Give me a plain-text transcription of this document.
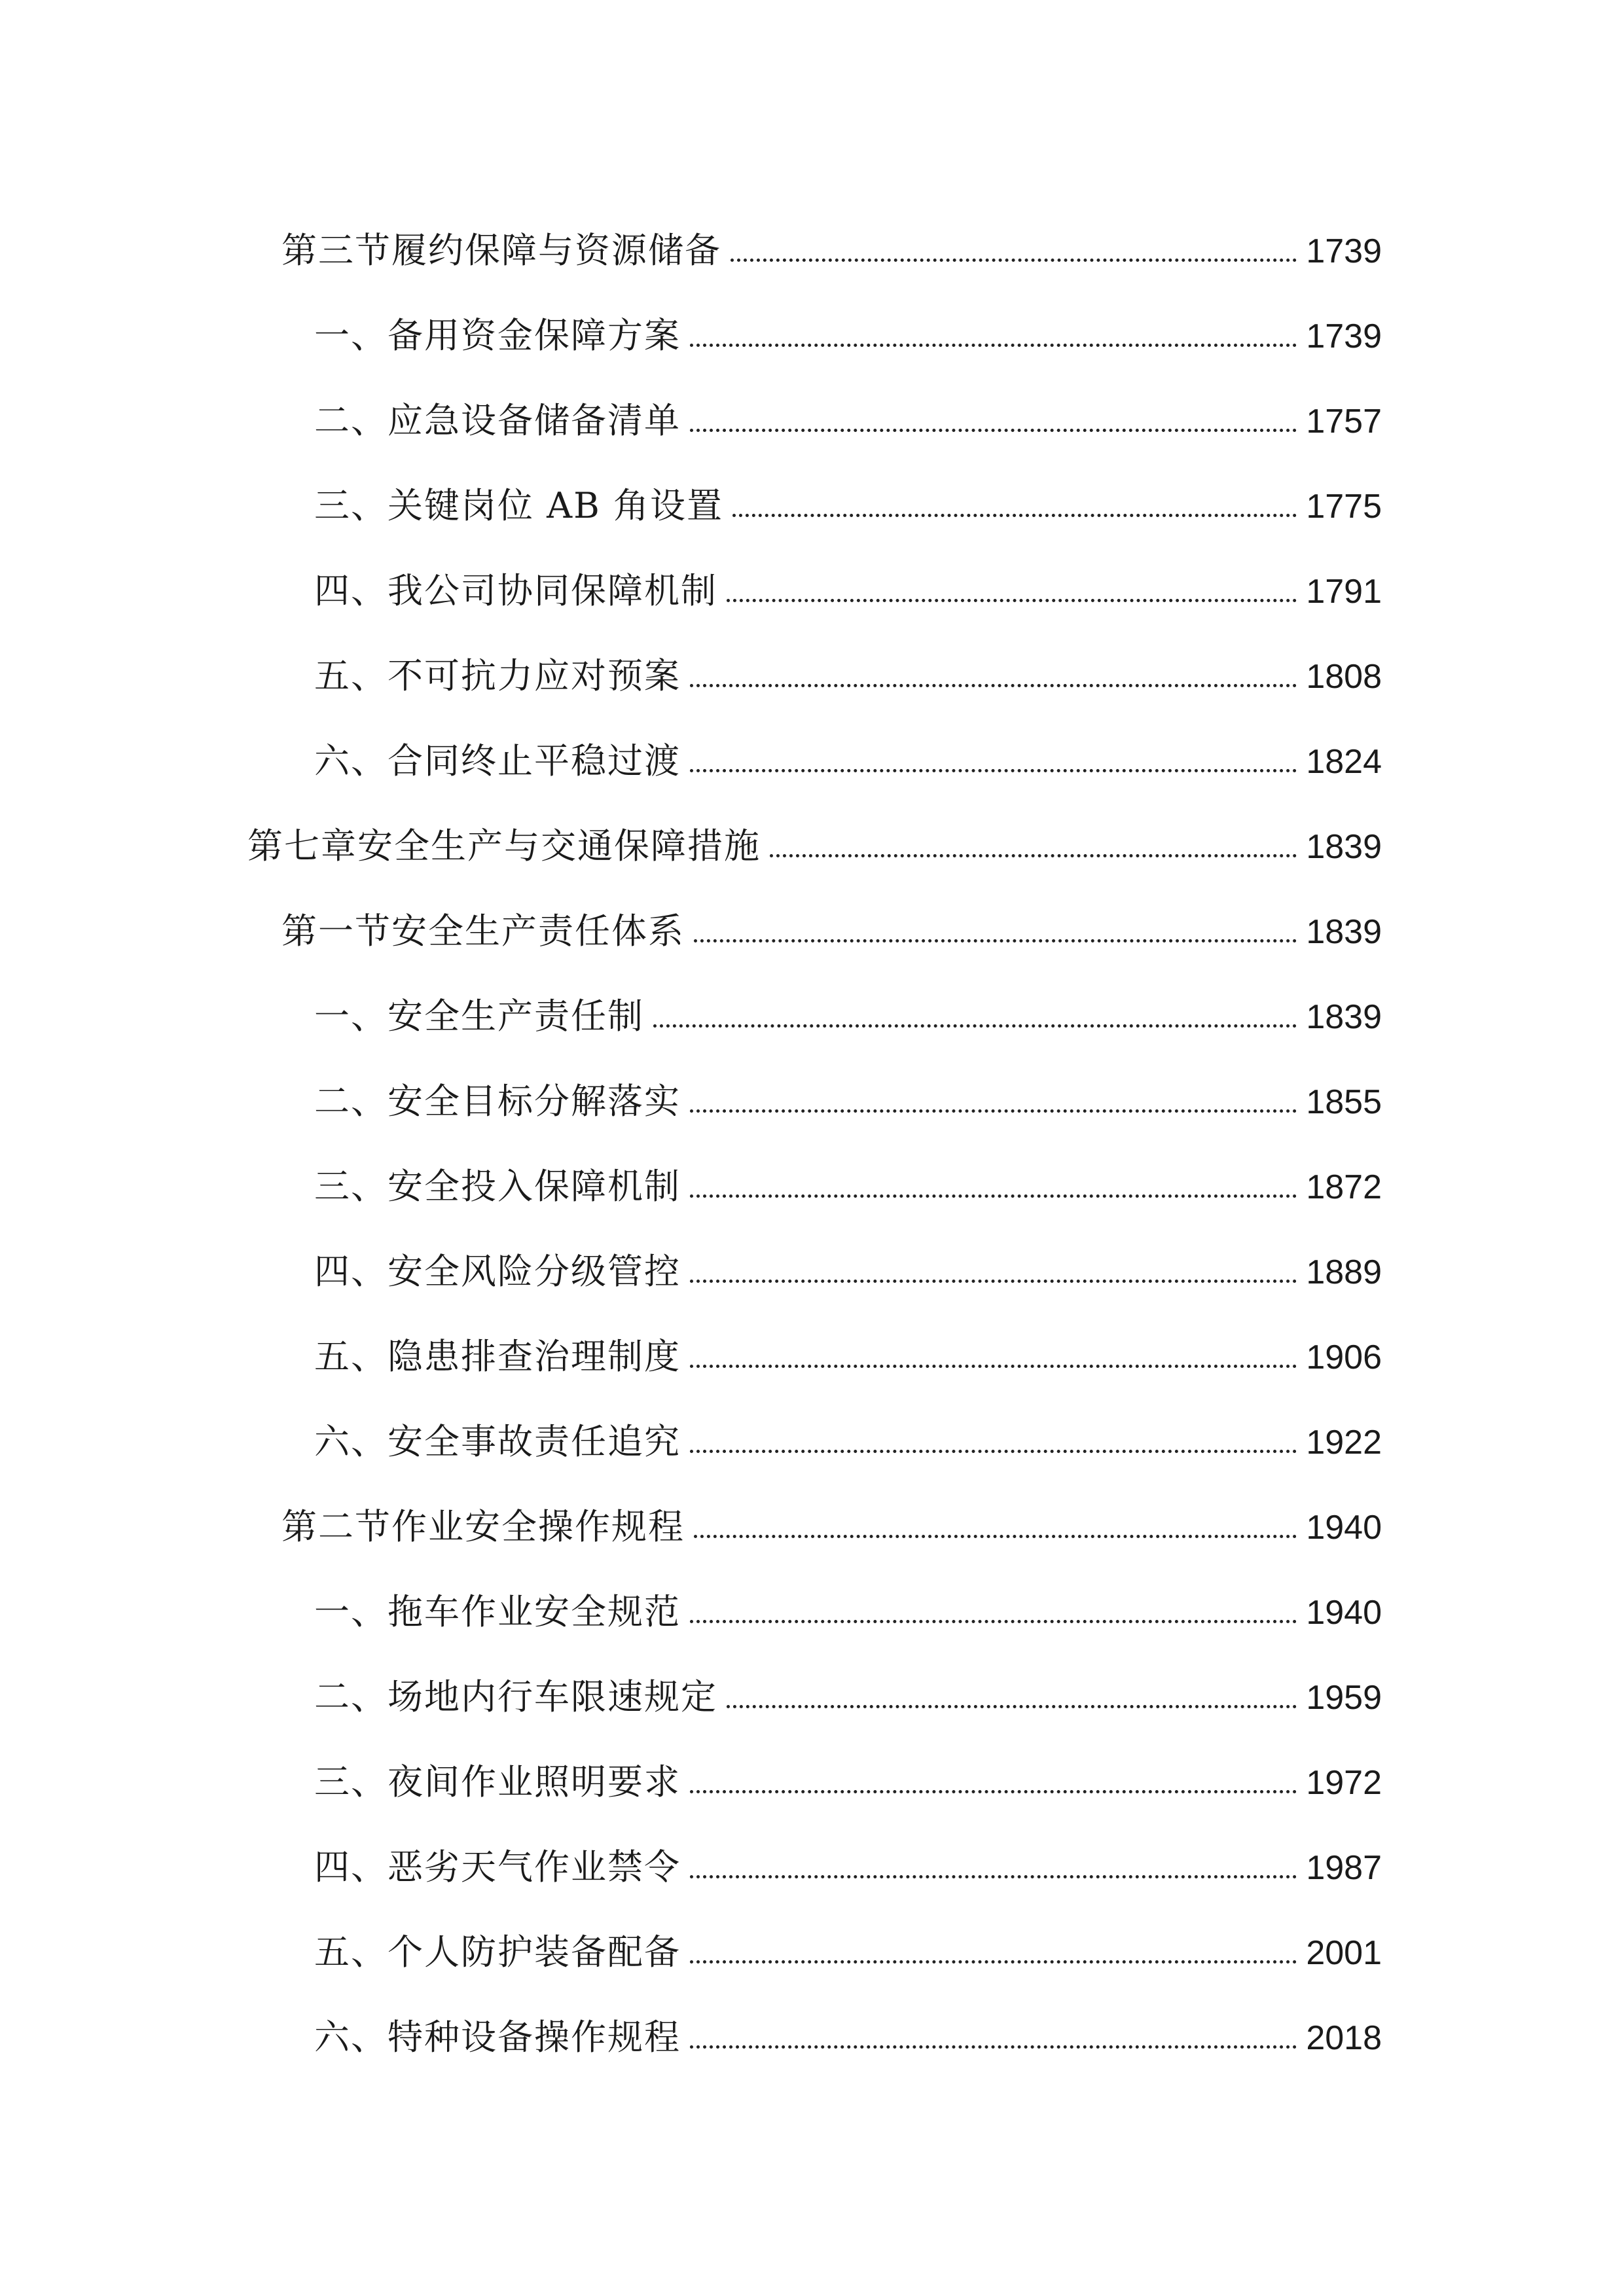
第三节履约保障与资源储备	1739
一、备用资金保障方案	1739
二、应急设备储备清单	1757
三、关键岗位 AB 角设置	1775
四、我公司协同保障机制	1791
五、不可抗力应对预案	1808
六、合同终止平稳过渡	1824
第七章安全生产与交通保障措施	1839
第一节安全生产责任体系	1839
一、安全生产责任制	1839
二、安全目标分解落实	1855
三、安全投入保障机制	1872
四、安全风险分级管控	1889
五、隐患排查治理制度	1906
六、安全事故责任追究	1922
第二节作业安全操作规程	1940
一、拖车作业安全规范	1940
二、场地内行车限速规定	1959
三、夜间作业照明要求	1972
四、恶劣天气作业禁令	1987
五、个人防护装备配备	2001
六、特种设备操作规程	2018
